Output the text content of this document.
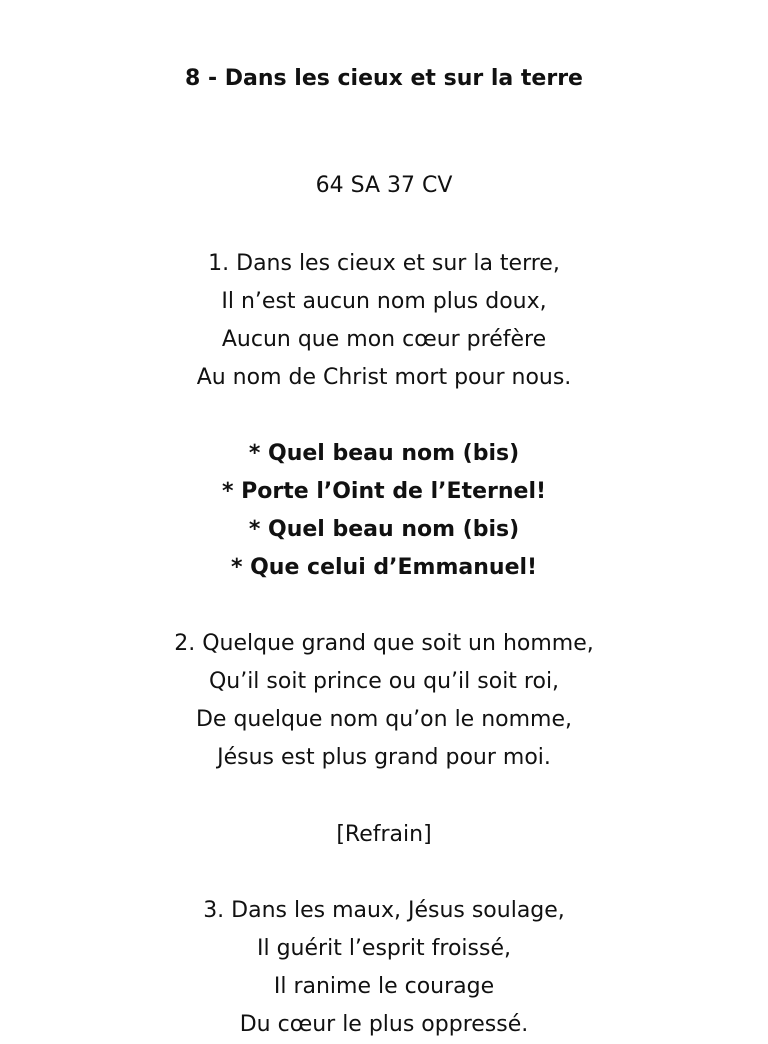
8 - Dans les cieux et sur la terre
64 SA 37 CV
1. Dans les cieux et sur la terre,
Il n’est aucun nom plus doux,
Aucun que mon cœur préfère
Au nom de Christ mort pour nous.
* Quel beau nom (bis)
* Porte l’Oint de l’Eternel!
* Quel beau nom (bis)
* Que celui d’Emmanuel!
2. Quelque grand que soit un homme,
Qu’il soit prince ou qu’il soit roi,
De quelque nom qu’on le nomme,
Jésus est plus grand pour moi.
[Refrain]
3. Dans les maux, Jésus soulage,
Il guérit l’esprit froissé,
Il ranime le courage
Du cœur le plus oppressé.
